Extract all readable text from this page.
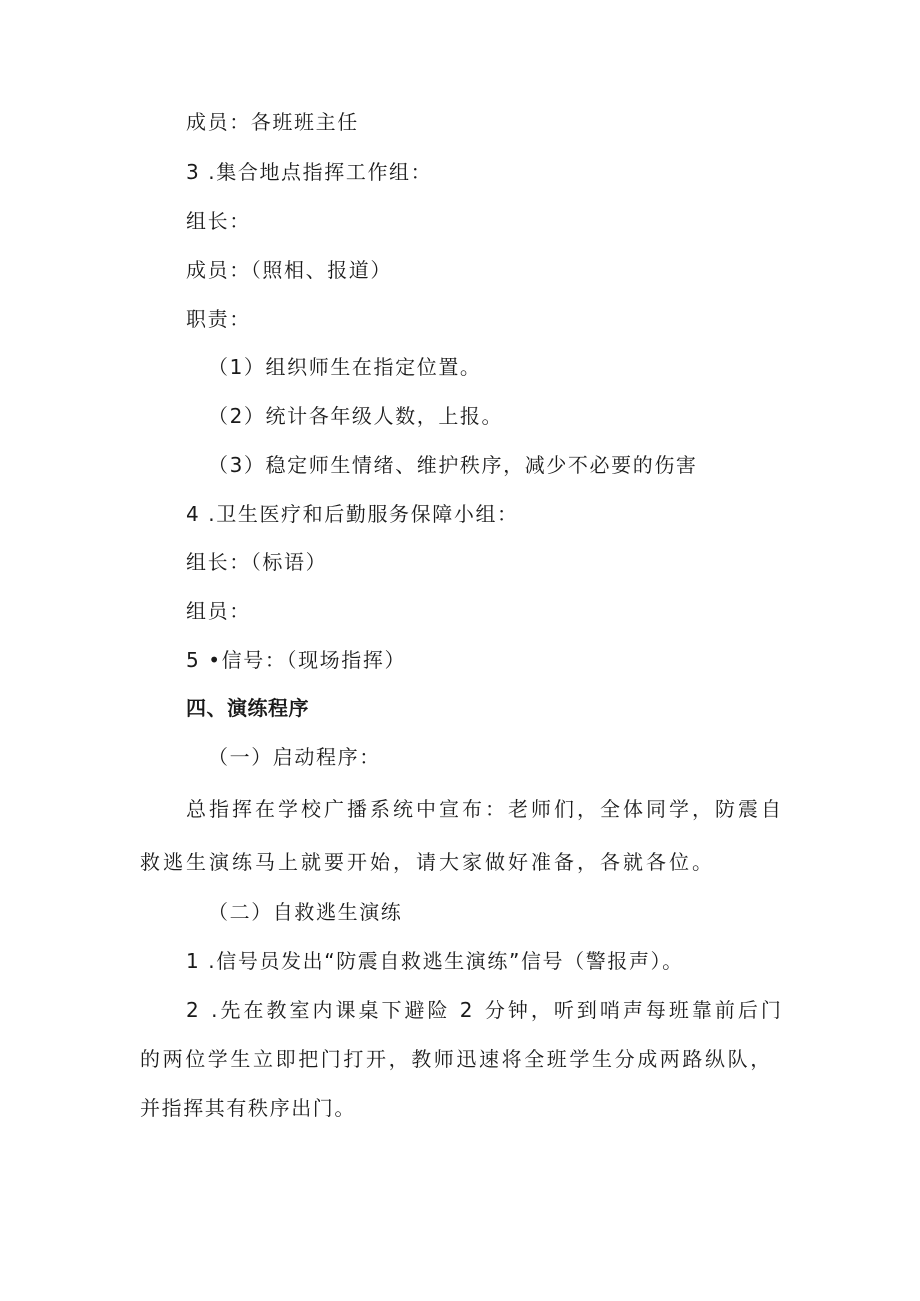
成员：各班班主任
3 .集合地点指挥工作组：
组长：
成员：（照相、报道）
职责：
（1）组织师生在指定位置。
（2）统计各年级人数，上报。
（3）稳定师生情绪、维护秩序，减少不必要的伤害
4 .卫生医疗和后勤服务保障小组：
组长：（标语）
组员：
5 •信号：（现场指挥）
四、演练程序
（一）启动程序：
总指挥在学校广播系统中宣布：老师们，全体同学，防震自
救逃生演练马上就要开始，请大家做好准备，各就各位。
（二）自救逃生演练
1 .信号员发出“防震自救逃生演练”信号（警报声）。
2 .先在教室内课桌下避险 2 分钟，听到哨声每班靠前后门
的两位学生立即把门打开，教师迅速将全班学生分成两路纵队，
并指挥其有秩序出门。
